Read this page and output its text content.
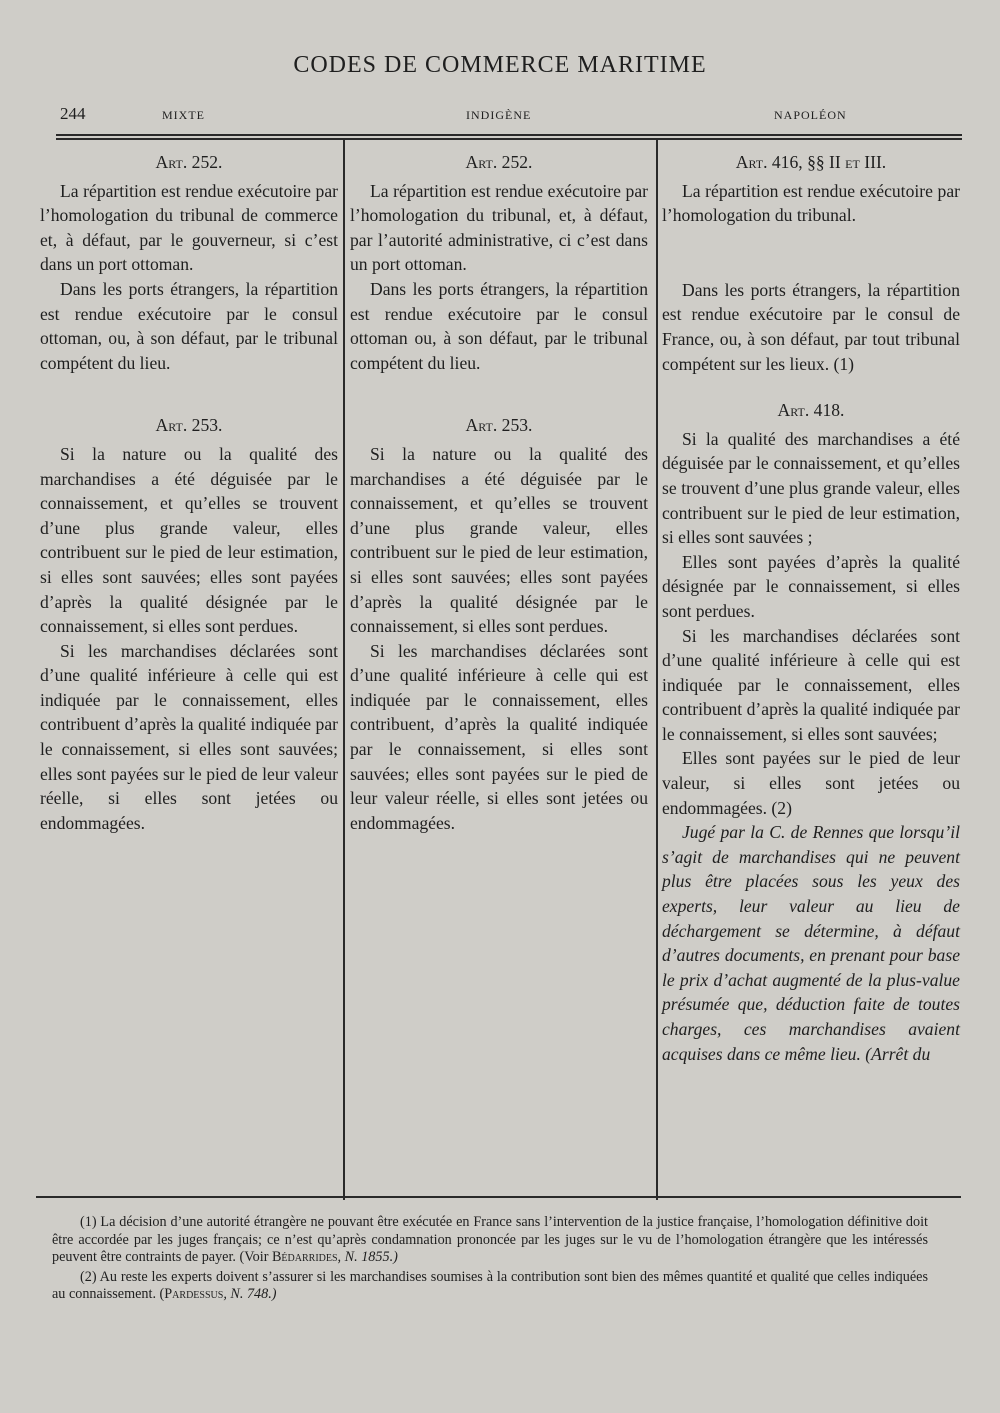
CODES DE COMMERCE MARITIME
244	MIXTE	INDIGÈNE	NAPOLÉON

Art. 252.

La répartition est rendue exécutoire par l’homologation du tribunal de commerce et, à défaut, par le gouverneur, si c’est dans un port ottoman.

Dans les ports étrangers, la répartition est rendue exécutoire par le consul ottoman, ou, à son défaut, par le tribunal compétent du lieu.

Art. 253.

Si la nature ou la qualité des marchandises a été déguisée par le connaissement, et qu’elles se trouvent d’une plus grande valeur, elles contribuent sur le pied de leur estimation, si elles sont sauvées; elles sont payées d’après la qualité désignée par le connaissement, si elles sont perdues.

Si les marchandises déclarées sont d’une qualité inférieure à celle qui est indiquée par le connaissement, elles contribuent d’après la qualité indiquée par le connaissement, si elles sont sauvées; elles sont payées sur le pied de leur valeur réelle, si elles sont jetées ou endommagées.

Art. 252.

La répartition est rendue exécutoire par l’homologation du tribunal, et, à défaut, par l’autorité administrative, ci c’est dans un port ottoman.

Dans les ports étrangers, la répartition est rendue exécutoire par le consul ottoman ou, à son défaut, par le tribunal compétent du lieu.

Art. 253.

Si la nature ou la qualité des marchandises a été déguisée par le connaissement, et qu’elles se trouvent d’une plus grande valeur, elles contribuent sur le pied de leur estimation, si elles sont sauvées; elles sont payées d’après la qualité désignée par le connaissement, si elles sont perdues.

Si les marchandises déclarées sont d’une qualité inférieure à celle qui est indiquée par le connaissement, elles contribuent, d’après la qualité indiquée par le connaissement, si elles sont sauvées; elles sont payées sur le pied de leur valeur réelle, si elles sont jetées ou endommagées.

Art. 416, §§ II et III.

La répartition est rendue exécutoire par l’homologation du tribunal.

Dans les ports étrangers, la répartition est rendue exécutoire par le consul de France, ou, à son défaut, par tout tribunal compétent sur les lieux. (1)

Art. 418.

Si la qualité des marchandises a été déguisée par le connaissement, et qu’elles se trouvent d’une plus grande valeur, elles contribuent sur le pied de leur estimation, si elles sont sauvées ;

Elles sont payées d’après la qualité désignée par le connaissement, si elles sont perdues.

Si les marchandises déclarées sont d’une qualité inférieure à celle qui est indiquée par le connaissement, elles contribuent d’après la qualité indiquée par le connaissement, si elles sont sauvées;

Elles sont payées sur le pied de leur valeur, si elles sont jetées ou endommagées. (2)

Jugé par la C. de Rennes que lorsqu’il s’agit de marchandises qui ne peuvent plus être placées sous les yeux des experts, leur valeur au lieu de déchargement se détermine, à défaut d’autres documents, en prenant pour base le prix d’achat augmenté de la plus-value présumée que, déduction faite de toutes charges, ces marchandises avaient acquises dans ce même lieu. (Arrêt du

(1) La décision d’une autorité étrangère ne pouvant être exécutée en France sans l’intervention de la justice française, l’homologation définitive doit être accordée par les juges français; ce n’est qu’après condamnation prononcée par les juges sur le vu de l’homologation étrangère que les intéressés peuvent être contraints de payer. (Voir Bédarrides, N. 1855.)

(2) Au reste les experts doivent s’assurer si les marchandises soumises à la contribution sont bien des mêmes quantité et qualité que celles indiquées au connaissement. (Pardessus, N. 748.)
